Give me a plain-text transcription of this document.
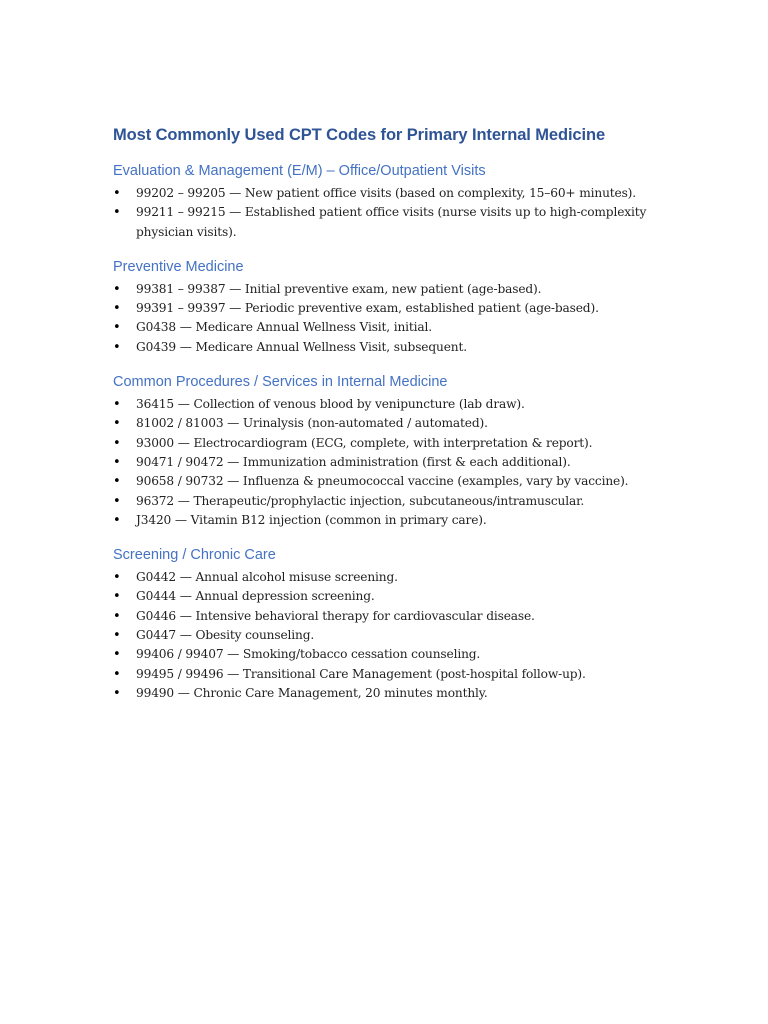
Most Commonly Used CPT Codes for Primary Internal Medicine
Evaluation & Management (E/M) – Office/Outpatient Visits
• 99202 – 99205 — New patient office visits (based on complexity, 15–60+ minutes).
• 99211 – 99215 — Established patient office visits (nurse visits up to high-complexity physician visits).
Preventive Medicine
• 99381 – 99387 — Initial preventive exam, new patient (age-based).
• 99391 – 99397 — Periodic preventive exam, established patient (age-based).
• G0438 — Medicare Annual Wellness Visit, initial.
• G0439 — Medicare Annual Wellness Visit, subsequent.
Common Procedures / Services in Internal Medicine
• 36415 — Collection of venous blood by venipuncture (lab draw).
• 81002 / 81003 — Urinalysis (non-automated / automated).
• 93000 — Electrocardiogram (ECG, complete, with interpretation & report).
• 90471 / 90472 — Immunization administration (first & each additional).
• 90658 / 90732 — Influenza & pneumococcal vaccine (examples, vary by vaccine).
• 96372 — Therapeutic/prophylactic injection, subcutaneous/intramuscular.
• J3420 — Vitamin B12 injection (common in primary care).
Screening / Chronic Care
• G0442 — Annual alcohol misuse screening.
• G0444 — Annual depression screening.
• G0446 — Intensive behavioral therapy for cardiovascular disease.
• G0447 — Obesity counseling.
• 99406 / 99407 — Smoking/tobacco cessation counseling.
• 99495 / 99496 — Transitional Care Management (post-hospital follow-up).
• 99490 — Chronic Care Management, 20 minutes monthly.
